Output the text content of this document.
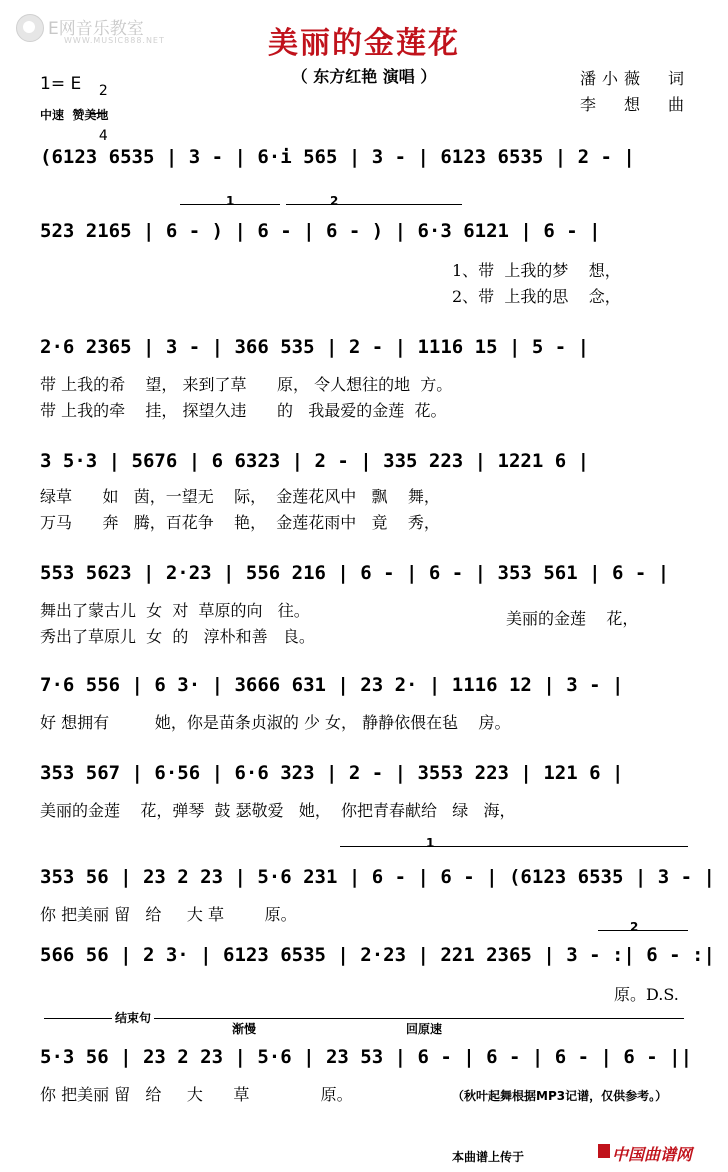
E网音乐教室

WWW.MUSIC888.NET	美丽的金莲花
（ 东方红艳 演唱 ）	潘小薇　词
李　想　曲
1= E	2

4

中速  赞美地
(6123 6535 | 3 - | 6·i 565 | 3 - | 6123 6535 | 2 - |
1	2
523 2165 | 6 - ) | 6 - | 6 - ) | 6·3 6121 | 6 - |
1、带  上我的梦    想，
2、带  上我的思    念，
2·6 2365 | 3 - | 366 535 | 2 - | 1116 15 | 5 - |
带 上我的希    望， 来到了草      原， 令人想往的地  方。
带 上我的牵    挂， 探望久违      的   我最爱的金莲  花。
3 5·3 | 5676 | 6 6323 | 2 - | 335 223 | 1221 6 |
绿草      如   茵，一望无    际，  金莲花风中   飘    舞，
万马      奔   腾，百花争    艳，  金莲花雨中   竟    秀，
553 5623 | 2·23 | 556 216 | 6 - | 6 - | 353 561 | 6 - |
舞出了蒙古儿  女  对  草原的向   往。
秀出了草原儿  女  的   淳朴和善   良。
美丽的金莲    花，
7·6 556 | 6 3· | 3666 631 | 23 2· | 1116 12 | 3 - |
好 想拥有         她，你是苗条贞淑的 少 女， 静静依偎在毡    房。
353 567 | 6·56 | 6·6 323 | 2 - | 3553 223 | 121 6 |
美丽的金莲    花，弹琴  鼓 瑟敬爱   她，  你把青春献给   绿   海，
1
353 56 | 23 2 23 | 5·6 231 | 6 - | 6 - | (6123 6535 | 3 - |
你 把美丽 留   给     大 草        原。
2
566 56 | 2 3· | 6123 6535 | 2·23 | 221 2365 | 3 - :| 6 - :|
原。D.S.
结束句
渐慢	回原速
5·3 56 | 23 2 23 | 5·6 | 23 53 | 6 - | 6 - | 6 - | 6 - ||
你 把美丽 留   给     大      草              原。	（秋叶起舞根据MP3记谱，仅供参考。）
本曲谱上传于	中国曲谱网
